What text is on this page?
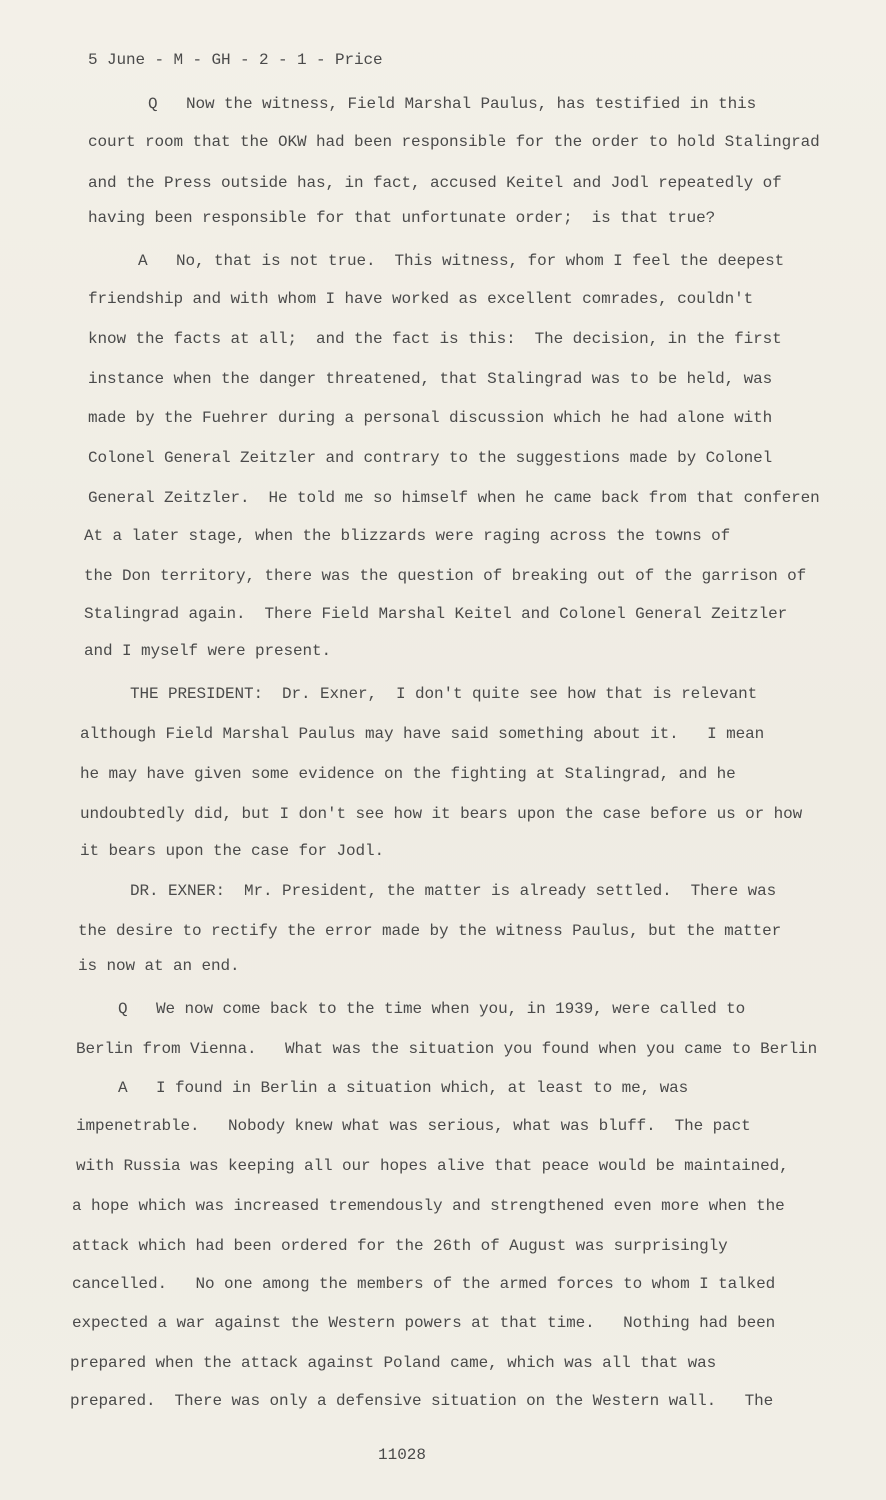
5 June - M - GH - 2 - 1 - Price
Q   Now the witness, Field Marshal Paulus, has testified in this
court room that the OKW had been responsible for the order to hold Stalingrad
and the Press outside has, in fact, accused Keitel and Jodl repeatedly of
having been responsible for that unfortunate order;  is that true?
A   No, that is not true.  This witness, for whom I feel the deepest
friendship and with whom I have worked as excellent comrades, couldn't
know the facts at all;  and the fact is this:  The decision, in the first
instance when the danger threatened, that Stalingrad was to be held, was
made by the Fuehrer during a personal discussion which he had alone with
Colonel General Zeitzler and contrary to the suggestions made by Colonel
General Zeitzler.  He told me so himself when he came back from that conferen
At a later stage, when the blizzards were raging across the towns of
the Don territory, there was the question of breaking out of the garrison of
Stalingrad again.  There Field Marshal Keitel and Colonel General Zeitzler
and I myself were present.
THE PRESIDENT:  Dr. Exner,  I don't quite see how that is relevant
although Field Marshal Paulus may have said something about it.   I mean
he may have given some evidence on the fighting at Stalingrad, and he
undoubtedly did, but I don't see how it bears upon the case before us or how
it bears upon the case for Jodl.
DR. EXNER:  Mr. President, the matter is already settled.  There was
the desire to rectify the error made by the witness Paulus, but the matter
is now at an end.
Q   We now come back to the time when you, in 1939, were called to
Berlin from Vienna.   What was the situation you found when you came to Berlin
A   I found in Berlin a situation which, at least to me, was
impenetrable.   Nobody knew what was serious, what was bluff.  The pact
with Russia was keeping all our hopes alive that peace would be maintained,
a hope which was increased tremendously and strengthened even more when the
attack which had been ordered for the 26th of August was surprisingly
cancelled.   No one among the members of the armed forces to whom I talked
expected a war against the Western powers at that time.   Nothing had been
prepared when the attack against Poland came, which was all that was
prepared.  There was only a defensive situation on the Western wall.   The
11028
